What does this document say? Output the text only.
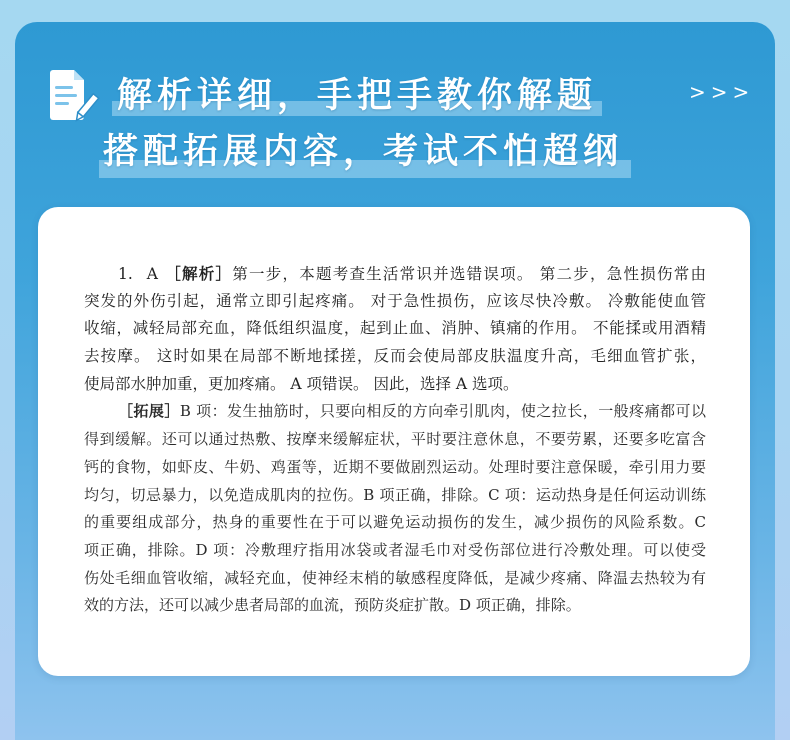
解析详细，手把手教你解题
搭配拓展内容，考试不怕超纲
>>>
1. A ［解析］第一步，本题考查生活常识并选错误项。 第二步，急性损伤常由
突发的外伤引起，通常立即引起疼痛。 对于急性损伤，应该尽快冷敷。 冷敷能使血管
收缩，减轻局部充血，降低组织温度，起到止血、消肿、镇痛的作用。 不能揉或用酒精
去按摩。 这时如果在局部不断地揉搓，反而会使局部皮肤温度升高，毛细血管扩张，
使局部水肿加重，更加疼痛。 A 项错误。 因此，选择 A 选项。
［拓展］B 项：发生抽筋时，只要向相反的方向牵引肌肉，使之拉长，一般疼痛都可以
得到缓解。还可以通过热敷、按摩来缓解症状，平时要注意休息，不要劳累，还要多吃富含
钙的食物，如虾皮、牛奶、鸡蛋等，近期不要做剧烈运动。处理时要注意保暖，牵引用力要
均匀，切忌暴力，以免造成肌肉的拉伤。B 项正确，排除。C 项：运动热身是任何运动训练
的重要组成部分，热身的重要性在于可以避免运动损伤的发生，减少损伤的风险系数。C
项正确，排除。D 项：冷敷理疗指用冰袋或者湿毛巾对受伤部位进行冷敷处理。可以使受
伤处毛细血管收缩，减轻充血，使神经末梢的敏感程度降低，是减少疼痛、降温去热较为有
效的方法，还可以减少患者局部的血流，预防炎症扩散。D 项正确，排除。
